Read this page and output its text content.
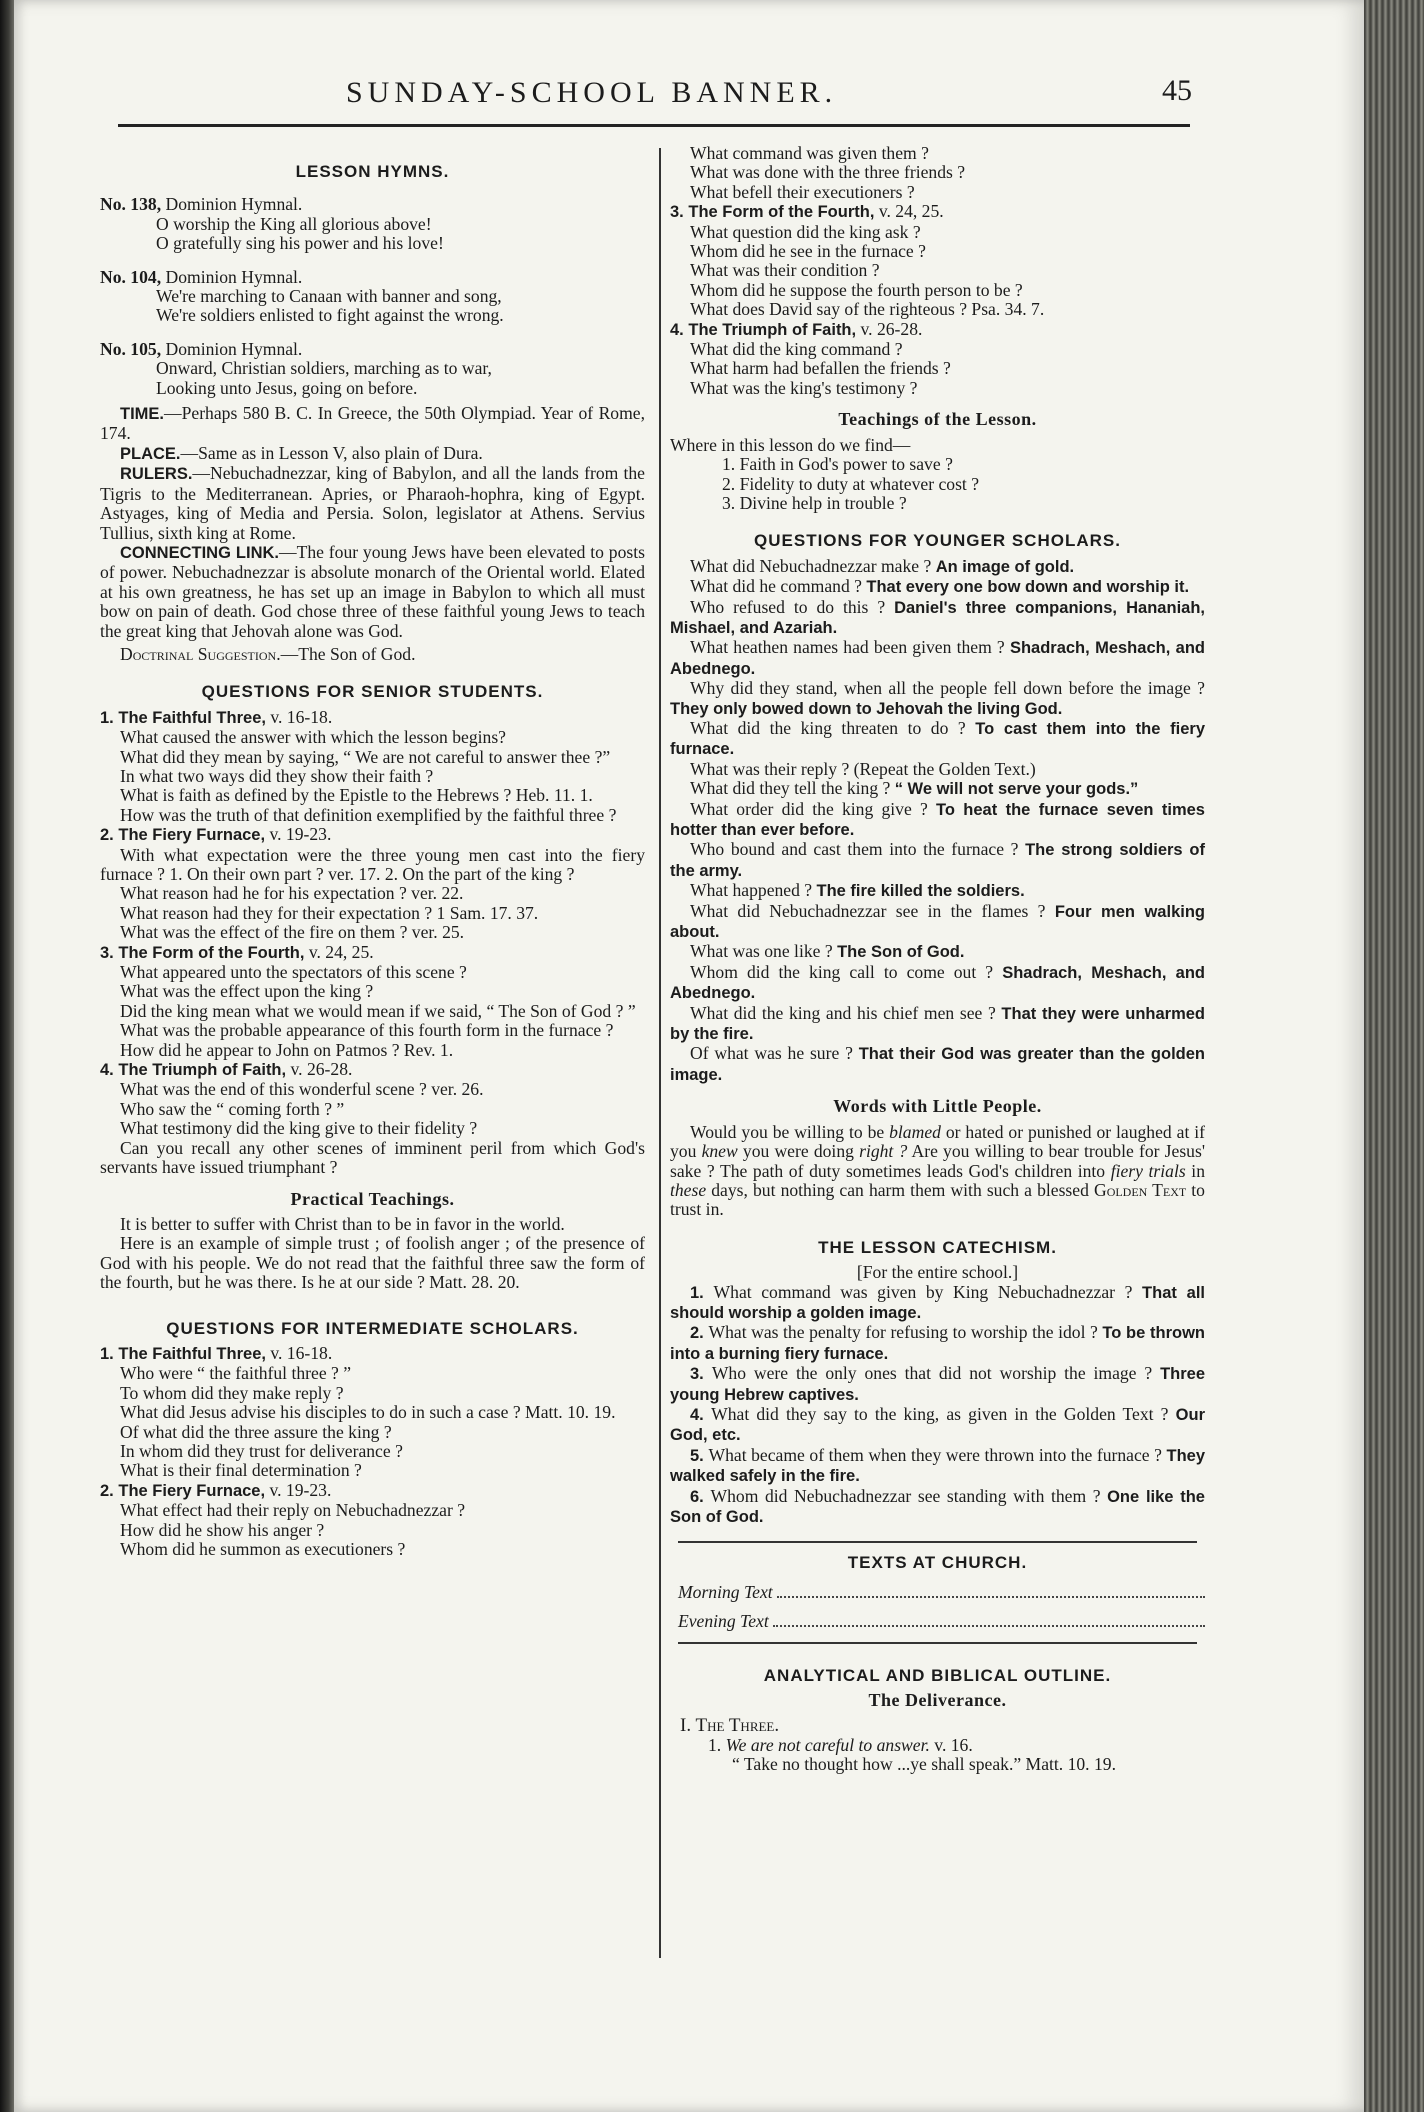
SUNDAY-SCHOOL BANNER.	45
LESSON HYMNS.

No. 138, Dominion Hymnal.

O worship the King all glorious above!

O gratefully sing his power and his love!

No. 104, Dominion Hymnal.

We're marching to Canaan with banner and song,

We're soldiers enlisted to fight against the wrong.

No. 105, Dominion Hymnal.

Onward, Christian soldiers, marching as to war,

Looking unto Jesus, going on before.

TIME.—Perhaps 580 B. C. In Greece, the 50th Olympiad. Year of Rome, 174.

PLACE.—Same as in Lesson V, also plain of Dura.

RULERS.—Nebuchadnezzar, king of Babylon, and all the lands from the Tigris to the Mediterranean. Apries, or Pharaoh-hophra, king of Egypt. Astyages, king of Media and Persia. Solon, legislator at Athens. Servius Tullius, sixth king at Rome.

CONNECTING LINK.—The four young Jews have been elevated to posts of power. Nebuchadnezzar is absolute monarch of the Oriental world. Elated at his own greatness, he has set up an image in Babylon to which all must bow on pain of death. God chose three of these faithful young Jews to teach the great king that Jehovah alone was God.

Doctrinal Suggestion.—The Son of God.

QUESTIONS FOR SENIOR STUDENTS.

1. The Faithful Three, v. 16-18.

What caused the answer with which the lesson begins?

What did they mean by saying, “ We are not careful to answer thee ?”

In what two ways did they show their faith ?

What is faith as defined by the Epistle to the Hebrews ? Heb. 11. 1.

How was the truth of that definition exemplified by the faithful three ?

2. The Fiery Furnace, v. 19-23.

With what expectation were the three young men cast into the fiery furnace ? 1. On their own part ? ver. 17. 2. On the part of the king ?

What reason had he for his expectation ? ver. 22.

What reason had they for their expectation ? 1 Sam. 17. 37.

What was the effect of the fire on them ? ver. 25.

3. The Form of the Fourth, v. 24, 25.

What appeared unto the spectators of this scene ?

What was the effect upon the king ?

Did the king mean what we would mean if we said, “ The Son of God ? ”

What was the probable appearance of this fourth form in the furnace ?

How did he appear to John on Patmos ? Rev. 1.

4. The Triumph of Faith, v. 26-28.

What was the end of this wonderful scene ? ver. 26.

Who saw the “ coming forth ? ”

What testimony did the king give to their fidelity ?

Can you recall any other scenes of imminent peril from which God's servants have issued triumphant ?

Practical Teachings.

It is better to suffer with Christ than to be in favor in the world.

Here is an example of simple trust ; of foolish anger ; of the presence of God with his people. We do not read that the faithful three saw the form of the fourth, but he was there. Is he at our side ? Matt. 28. 20.

QUESTIONS FOR INTERMEDIATE SCHOLARS.

1. The Faithful Three, v. 16-18.

Who were “ the faithful three ? ”

To whom did they make reply ?

What did Jesus advise his disciples to do in such a case ? Matt. 10. 19.

Of what did the three assure the king ?

In whom did they trust for deliverance ?

What is their final determination ?

2. The Fiery Furnace, v. 19-23.

What effect had their reply on Nebuchadnezzar ?

How did he show his anger ?

Whom did he summon as executioners ?

What command was given them ?

What was done with the three friends ?

What befell their executioners ?

3. The Form of the Fourth, v. 24, 25.

What question did the king ask ?

Whom did he see in the furnace ?

What was their condition ?

Whom did he suppose the fourth person to be ?

What does David say of the righteous ? Psa. 34. 7.

4. The Triumph of Faith, v. 26-28.

What did the king command ?

What harm had befallen the friends ?

What was the king's testimony ?

Teachings of the Lesson.

Where in this lesson do we find—

1. Faith in God's power to save ?

2. Fidelity to duty at whatever cost ?

3. Divine help in trouble ?

QUESTIONS FOR YOUNGER SCHOLARS.

What did Nebuchadnezzar make ? An image of gold.

What did he command ? That every one bow down and worship it.

Who refused to do this ? Daniel's three companions, Hananiah, Mishael, and Azariah.

What heathen names had been given them ? Shadrach, Meshach, and Abednego.

Why did they stand, when all the people fell down before the image ? They only bowed down to Jehovah the living God.

What did the king threaten to do ? To cast them into the fiery furnace.

What was their reply ? (Repeat the Golden Text.)

What did they tell the king ? “ We will not serve your gods.”

What order did the king give ? To heat the furnace seven times hotter than ever before.

Who bound and cast them into the furnace ? The strong soldiers of the army.

What happened ? The fire killed the soldiers.

What did Nebuchadnezzar see in the flames ? Four men walking about.

What was one like ? The Son of God.

Whom did the king call to come out ? Shadrach, Meshach, and Abednego.

What did the king and his chief men see ? That they were unharmed by the fire.

Of what was he sure ? That their God was greater than the golden image.

Words with Little People.

Would you be willing to be blamed or hated or punished or laughed at if you knew you were doing right ? Are you willing to bear trouble for Jesus' sake ? The path of duty sometimes leads God's children into fiery trials in these days, but nothing can harm them with such a blessed Golden Text to trust in.

THE LESSON CATECHISM.

[For the entire school.]

1. What command was given by King Nebuchadnezzar ? That all should worship a golden image.

2. What was the penalty for refusing to worship the idol ? To be thrown into a burning fiery furnace.

3. Who were the only ones that did not worship the image ? Three young Hebrew captives.

4. What did they say to the king, as given in the Golden Text ? Our God, etc.

5. What became of them when they were thrown into the furnace ? They walked safely in the fire.

6. Whom did Nebuchadnezzar see standing with them ? One like the Son of God.

TEXTS AT CHURCH.
Morning Text
Evening Text
ANALYTICAL AND BIBLICAL OUTLINE.
The Deliverance.

I. The Three.

1. We are not careful to answer. v. 16.

“ Take no thought how ...ye shall speak.” Matt. 10. 19.
